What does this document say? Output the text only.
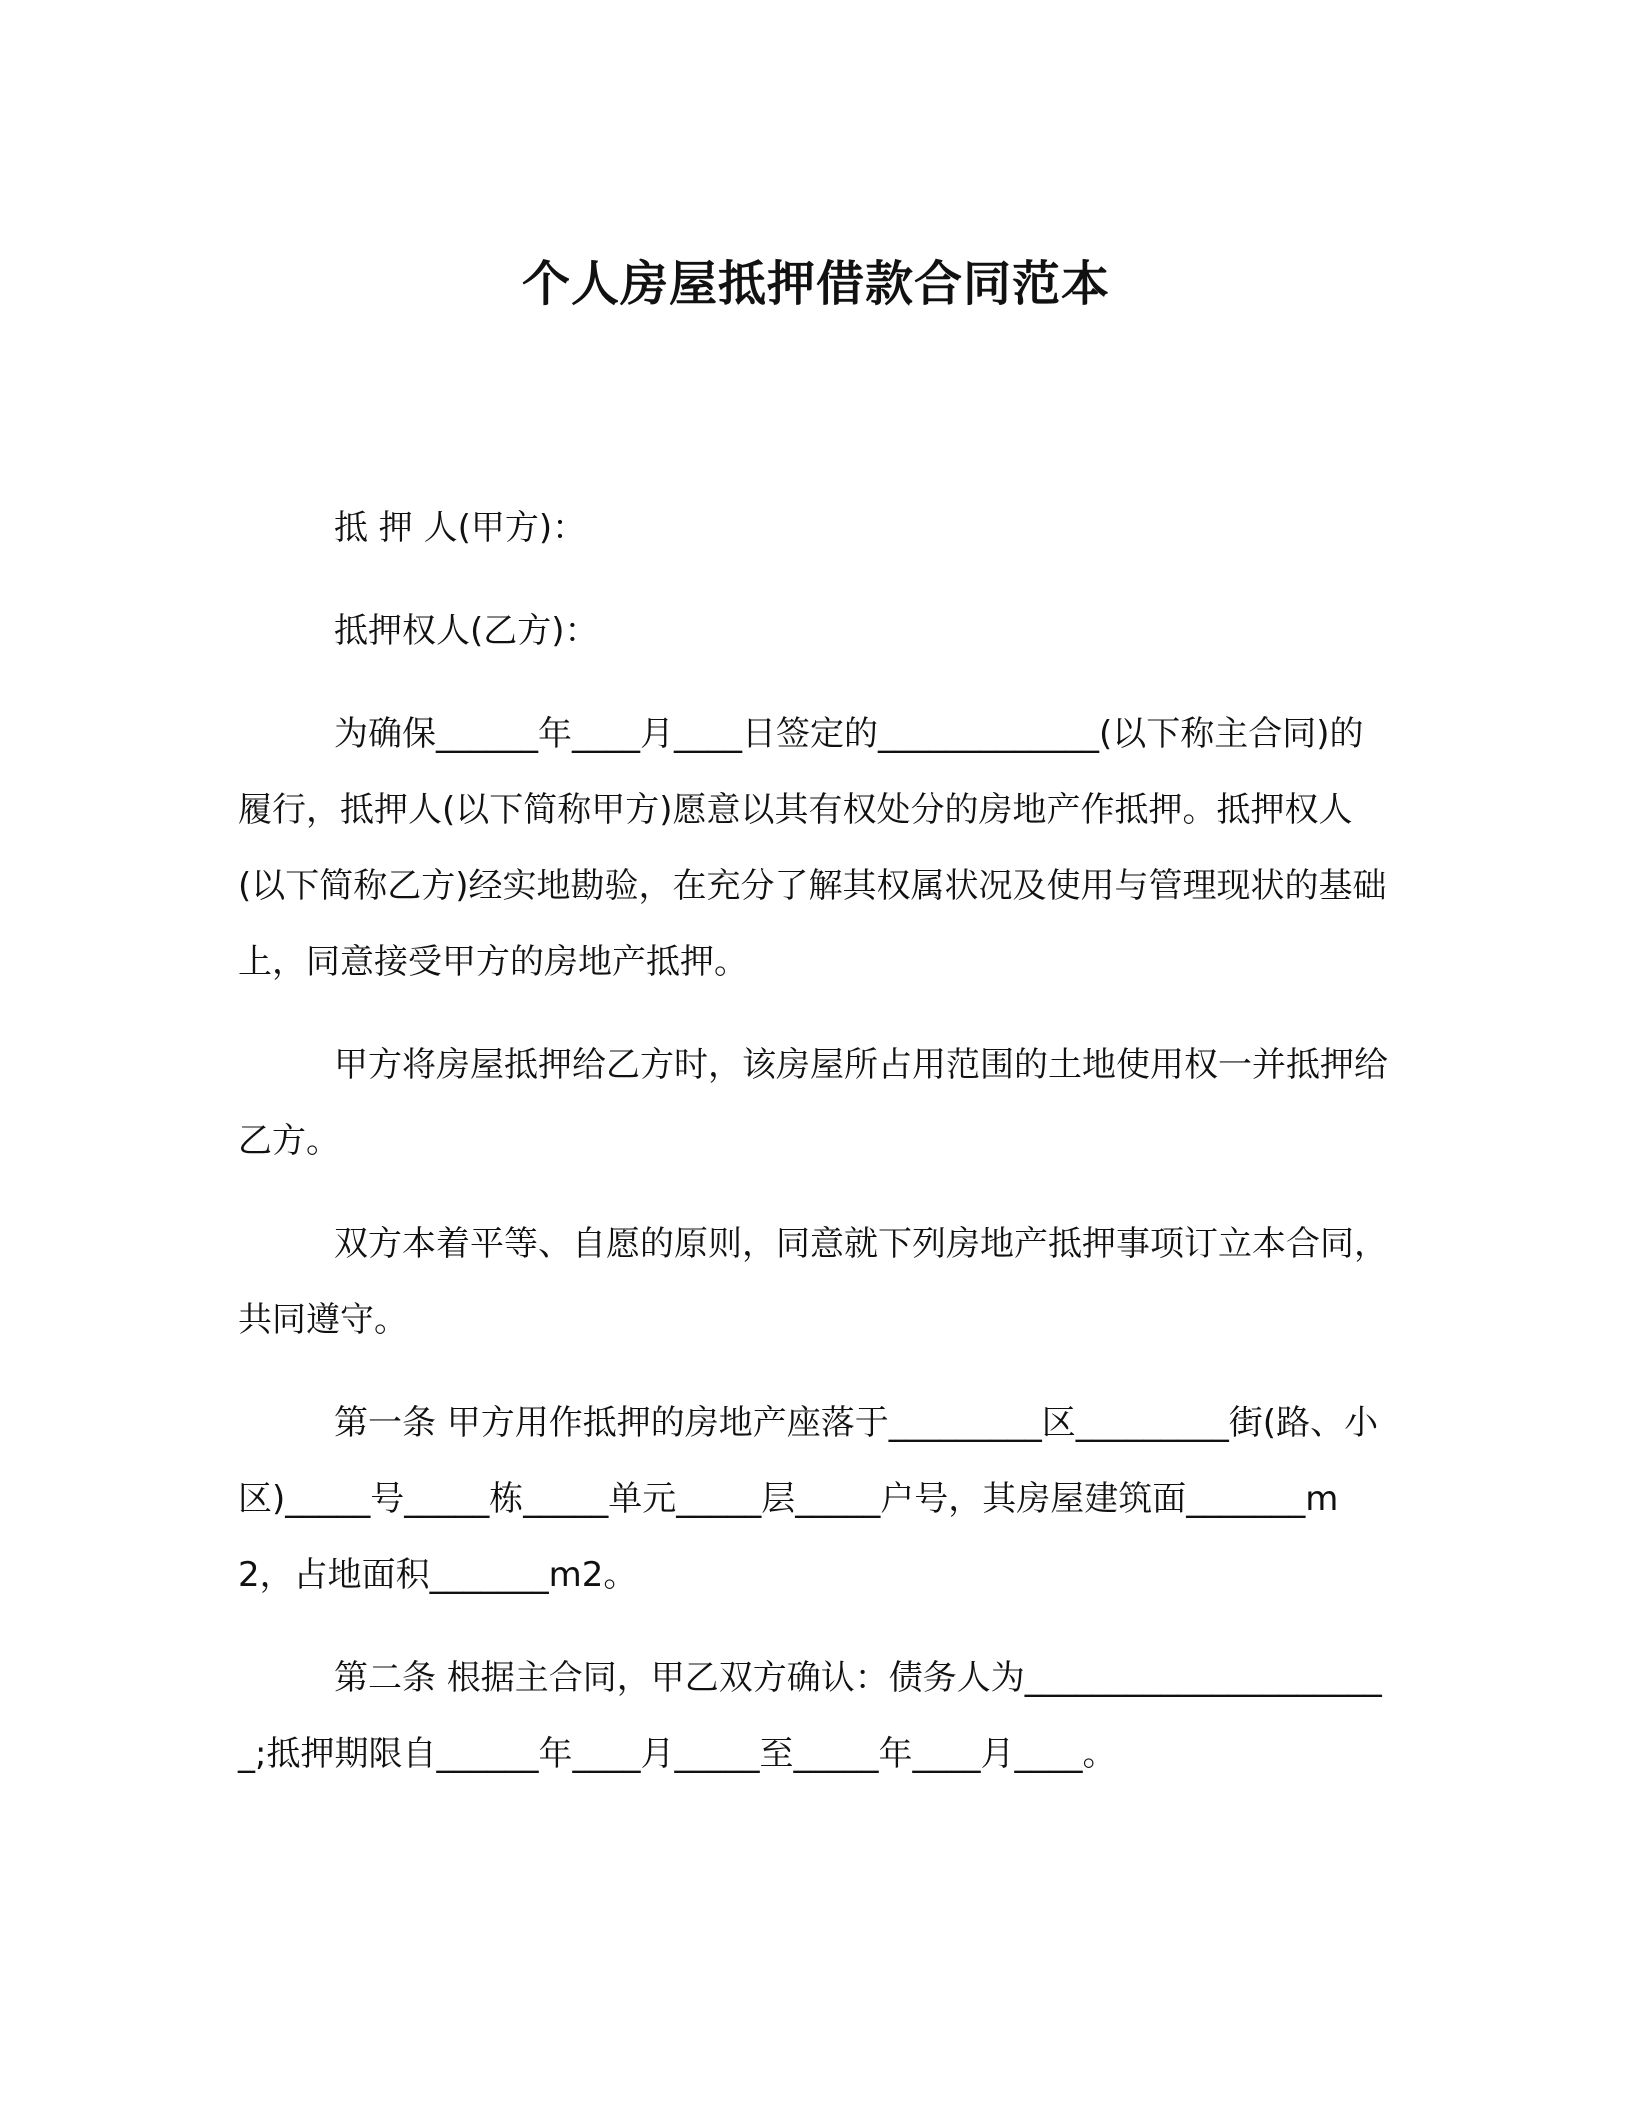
个人房屋抵押借款合同范本

抵 押 人(甲方)：

抵押权人(乙方)：

为确保______年____月____日签定的_____________(以下称主合同)的履行，抵押人(以下简称甲方)愿意以其有权处分的房地产作抵押。抵押权人(以下简称乙方)经实地勘验，在充分了解其权属状况及使用与管理现状的基础上，同意接受甲方的房地产抵押。

甲方将房屋抵押给乙方时，该房屋所占用范围的土地使用权一并抵押给乙方。

双方本着平等、自愿的原则，同意就下列房地产抵押事项订立本合同，共同遵守。

第一条 甲方用作抵押的房地产座落于_________区_________街(路、小区)_____号_____栋_____单元_____层_____户号，其房屋建筑面_______m2，占地面积_______m2。

第二条 根据主合同，甲乙双方确认：债务人为______________________;抵押期限自______年____月_____至_____年____月____。
